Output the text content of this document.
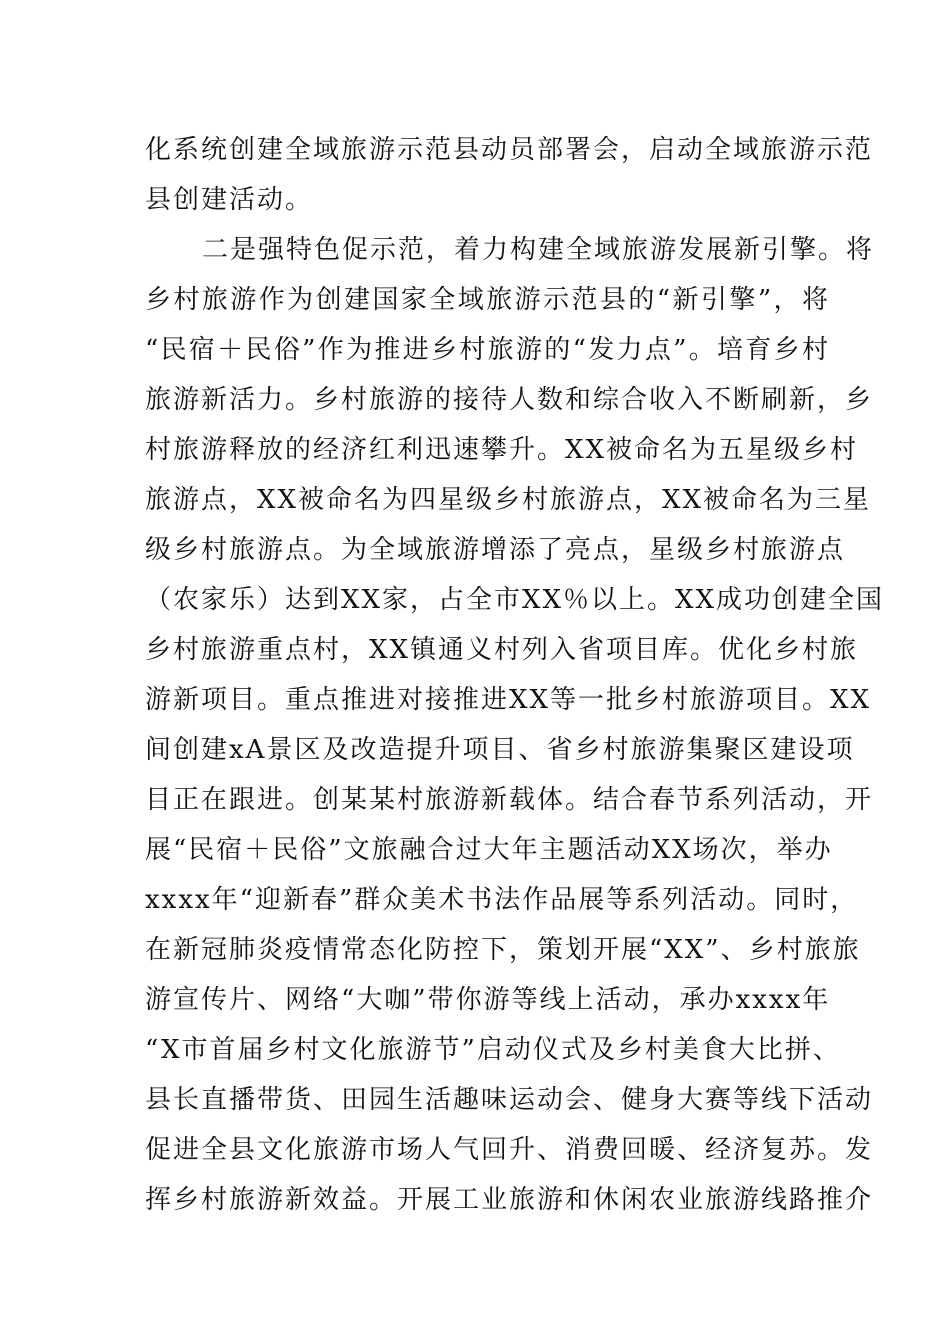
化系统创建全域旅游示范县动员部署会，启动全域旅游示范
县创建活动。
二是强特色促示范，着力构建全域旅游发展新引擎。将
乡村旅游作为创建国家全域旅游示范县的“新引擎”，将
“民宿＋民俗”作为推进乡村旅游的“发力点”。培育乡村
旅游新活力。乡村旅游的接待人数和综合收入不断刷新，乡
村旅游释放的经济红利迅速攀升。XX被命名为五星级乡村
旅游点，XX被命名为四星级乡村旅游点，XX被命名为三星
级乡村旅游点。为全域旅游增添了亮点，星级乡村旅游点
（农家乐）达到XX家，占全市XX％以上。XX成功创建全国
乡村旅游重点村，XX镇通义村列入省项目库。优化乡村旅
游新项目。重点推进对接推进XX等一批乡村旅游项目。XX
间创建xA景区及改造提升项目、省乡村旅游集聚区建设项
目正在跟进。创某某村旅游新载体。结合春节系列活动，开
展“民宿＋民俗”文旅融合过大年主题活动XX场次，举办
xxxx年“迎新春”群众美术书法作品展等系列活动。同时，
在新冠肺炎疫情常态化防控下，策划开展“XX”、乡村旅旅
游宣传片、网络“大咖”带你游等线上活动，承办xxxx年
“X市首届乡村文化旅游节”启动仪式及乡村美食大比拼、
县长直播带货、田园生活趣味运动会、健身大赛等线下活动
促进全县文化旅游市场人气回升、消费回暖、经济复苏。发
挥乡村旅游新效益。开展工业旅游和休闲农业旅游线路推介
